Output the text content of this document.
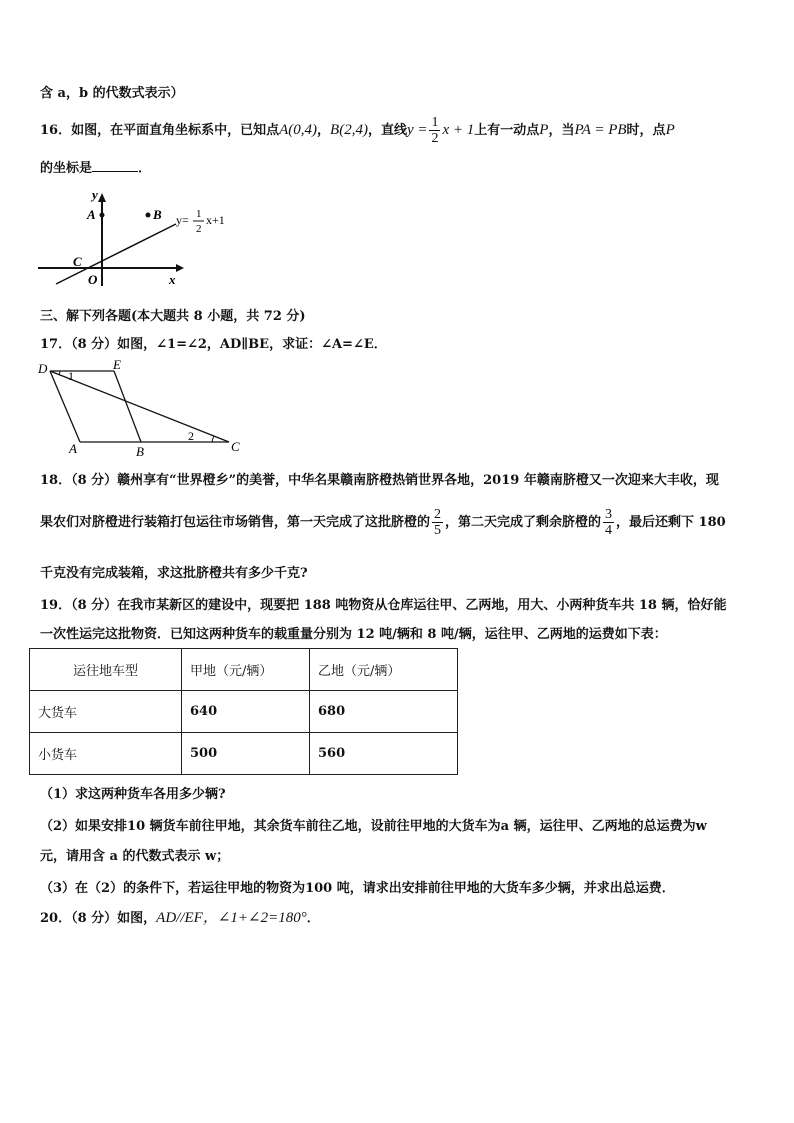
含 a，b 的代数式表示）
16．如图，在平面直角坐标系中，已知点A(0,4)，B(2,4)，直线$y = \frac{1}{2}$ x + 1上有一动点P，当PA = PB时，点P
的坐标是	．
y
x
A	B
C
O
y= 1
2
x+1
三、解下列各题(本大题共 8 小题，共 72 分)
17．（8 分）如图，∠1=∠2，AD∥BE，求证：∠A=∠E．
D	E
A	B	C
1
2
18．（8 分）赣州享有“世界橙乡”的美誉，中华名果赣南脐橙热销世界各地，2019 年赣南脐橙又一次迎来大丰收，现
果农们对脐橙进行装箱打包运往市场销售，第一天完成了这批脐橙的 $\frac{2}{5}$ ，第二天完成了剩余脐橙的 $\frac{3}{4}$ ，最后还剩下 180
千克没有完成装箱，求这批脐橙共有多少千克?
19．（8 分）在我市某新区的建设中，现要把 188 吨物资从仓库运往甲、乙两地，用大、小两种货车共 18 辆，恰好能
一次性运完这批物资．已知这两种货车的载重量分别为 12 吨/辆和 8 吨/辆，运往甲、乙两地的运费如下表：
运往地车型	甲地（元/辆）	乙地（元/辆）
大货车	640	680
小货车	500	560
（1）求这两种货车各用多少辆?
（2）如果安排10 辆货车前往甲地，其余货车前往乙地，设前往甲地的大货车为a 辆，运往甲、乙两地的总运费为w
元，请用含 a 的代数式表示 w；
（3）在（2）的条件下，若运往甲地的物资为100 吨，请求出安排前往甲地的大货车多少辆，并求出总运费．
20．（8 分）如图，AD//EF，∠1+∠2=180°．
